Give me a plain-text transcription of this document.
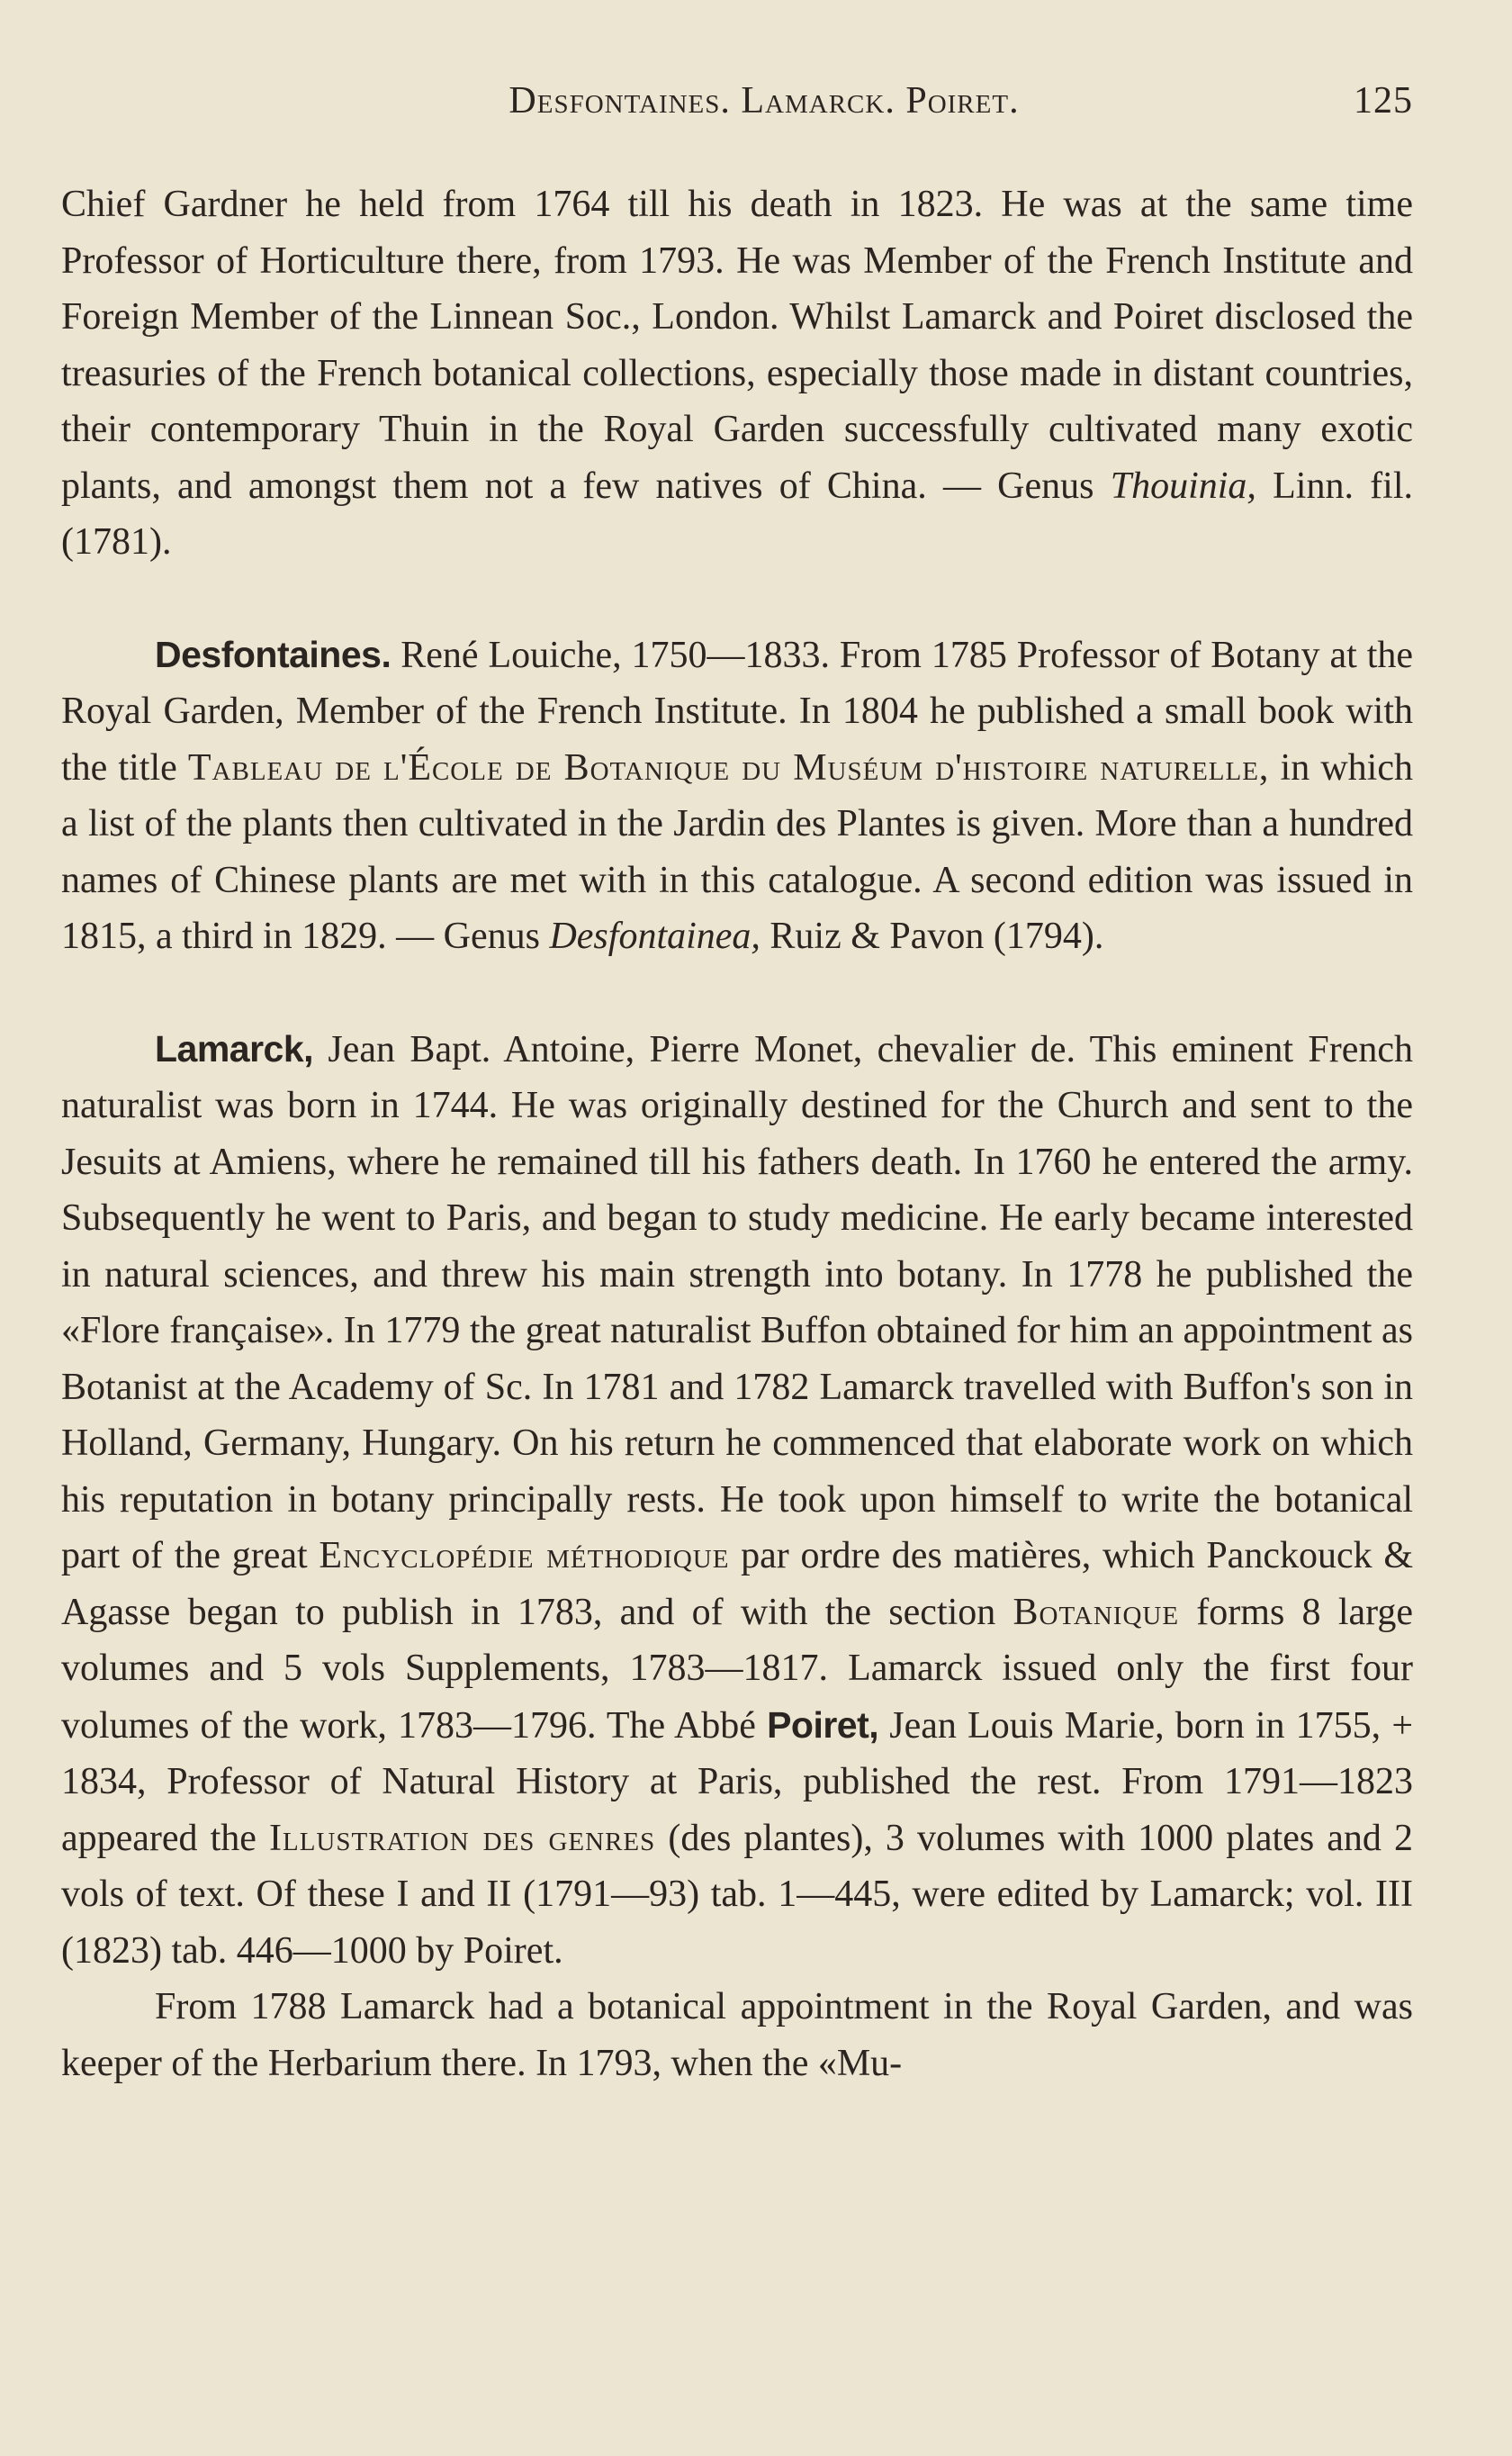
Desfontaines. Lamarck. Poiret.	125

Chief Gardner he held from 1764 till his death in 1823. He was at the same time Professor of Horticulture there, from 1793. He was Member of the French Institute and Foreign Member of the Linnean Soc., London. Whilst Lamarck and Poiret disclosed the treasuries of the French botanical collections, especially those made in distant countries, their contemporary Thuin in the Royal Garden successfully cultivated many exotic plants, and amongst them not a few natives of China. — Genus Thouinia, Linn. fil. (1781).

Desfontaines. René Louiche, 1750—1833. From 1785 Professor of Botany at the Royal Garden, Member of the French Institute. In 1804 he published a small book with the title Tableau de l'École de Botanique du Muséum d'histoire naturelle, in which a list of the plants then cultivated in the Jardin des Plantes is given. More than a hundred names of Chinese plants are met with in this catalogue. A second edition was issued in 1815, a third in 1829. — Genus Desfontainea, Ruiz & Pavon (1794).

Lamarck, Jean Bapt. Antoine, Pierre Monet, chevalier de. This eminent French naturalist was born in 1744. He was originally destined for the Church and sent to the Jesuits at Amiens, where he remained till his fathers death. In 1760 he entered the army. Subsequently he went to Paris, and began to study medicine. He early became interested in natural sciences, and threw his main strength into botany. In 1778 he published the «Flore française». In 1779 the great naturalist Buffon obtained for him an appointment as Botanist at the Academy of Sc. In 1781 and 1782 Lamarck travelled with Buffon's son in Holland, Germany, Hungary. On his return he commenced that elaborate work on which his reputation in botany principally rests. He took upon himself to write the botanical part of the great Encyclopédie méthodique par ordre des matières, which Panckouck & Agasse began to publish in 1783, and of with the section Botanique forms 8 large volumes and 5 vols Supplements, 1783—1817. Lamarck issued only the first four volumes of the work, 1783—1796. The Abbé Poiret, Jean Louis Marie, born in 1755, + 1834, Professor of Natural History at Paris, published the rest. From 1791—1823 appeared the Illustration des genres (des plantes), 3 volumes with 1000 plates and 2 vols of text. Of these I and II (1791—93) tab. 1—445, were edited by Lamarck; vol. III (1823) tab. 446—1000 by Poiret.

From 1788 Lamarck had a botanical appointment in the Royal Garden, and was keeper of the Herbarium there. In 1793, when the «Mu-
